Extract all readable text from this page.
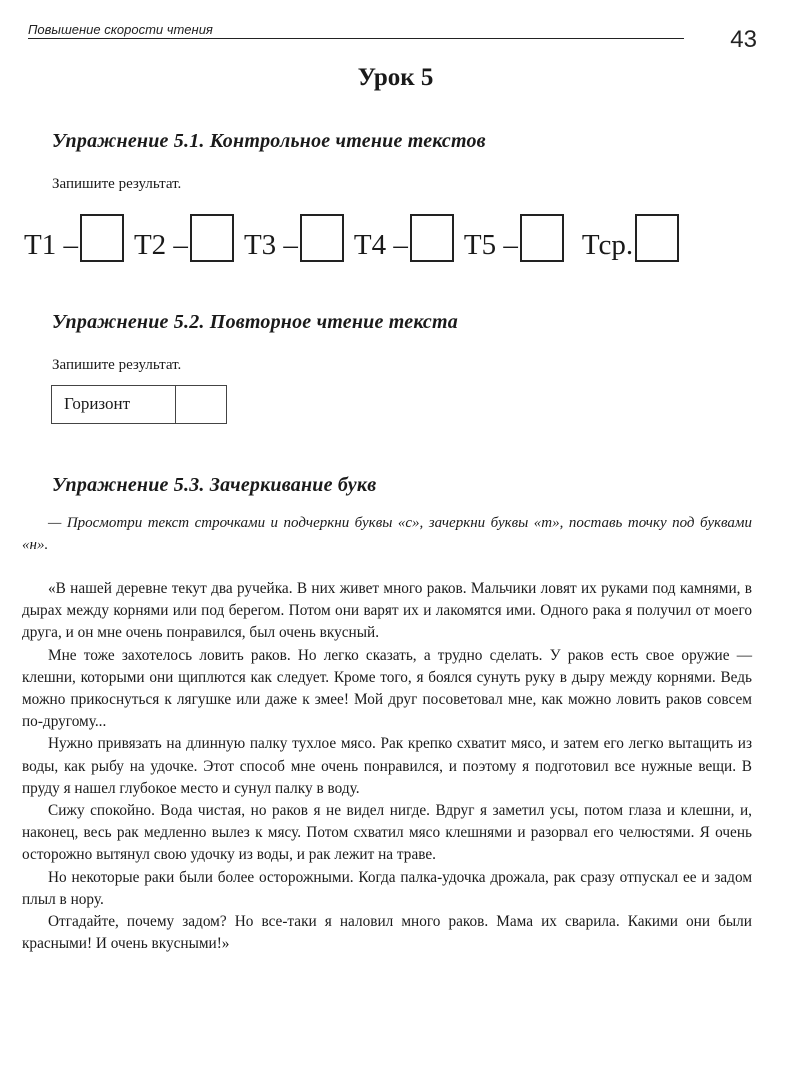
Повышение скорости чтения	43
Урок 5
Упражнение 5.1. Контрольное чтение текстов
Запишите результат.
Т1 – Т2 – Т3 – Т4 – Т5 – Тср.
Упражнение 5.2. Повторное чтение текста
Запишите результат.
Горизонт
Упражнение 5.3. Зачеркивание букв
— Просмотри текст строчками и подчеркни буквы «с», зачеркни буквы «т», поставь точку под буквами «н».

«В нашей деревне текут два ручейка. В них живет много раков. Мальчики ловят их руками под камнями, в дырах между корнями или под берегом. Потом они варят их и лакомятся ими. Одного рака я получил от моего друга, и он мне очень понравился, был очень вкусный.

Мне тоже захотелось ловить раков. Но легко сказать, а трудно сделать. У раков есть свое оружие — клешни, которыми они щиплются как следует. Кроме того, я боялся сунуть руку в дыру между корнями. Ведь можно прикоснуться к лягушке или даже к змее! Мой друг посоветовал мне, как можно ловить раков совсем по-другому...

Нужно привязать на длинную палку тухлое мясо. Рак крепко схватит мясо, и затем его легко вытащить из воды, как рыбу на удочке. Этот способ мне очень понравился, и поэтому я подготовил все нужные вещи. В пруду я нашел глубокое место и сунул палку в воду.

Сижу спокойно. Вода чистая, но раков я не видел нигде. Вдруг я заметил усы, потом глаза и клешни, и, наконец, весь рак медленно вылез к мясу. Потом схватил мясо клешнями и разорвал его челюстями. Я очень осторожно вытянул свою удочку из воды, и рак лежит на траве.

Но некоторые раки были более осторожными. Когда палка-удочка дрожала, рак сразу отпускал ее и задом плыл в нору.

Отгадайте, почему задом? Но все-таки я наловил много раков. Мама их сварила. Какими они были красными! И очень вкусными!»
